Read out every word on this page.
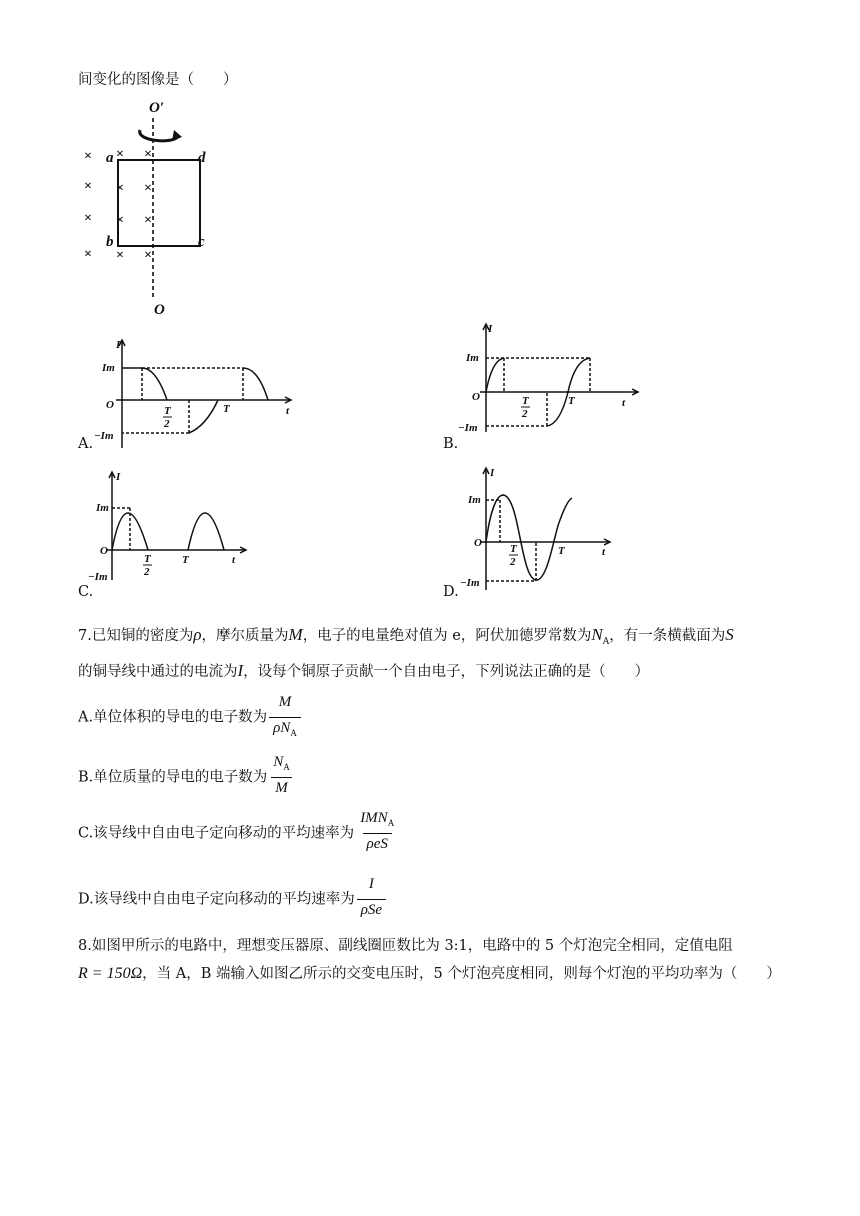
间变化的图像是（　　）
O′
O
a
b	c
d
× × ×
× × ×
× × ×
× × ×
I
Im
−Im
O	t
T
T
2
A.
I
Im
−Im
O	t
T
T
2
B.
I
Im
−Im
O
t
T
T
2
C.
I
Im
−Im
O
t
T
T
2
D.
7.已知铜的密度为ρ，摩尔质量为M，电子的电量绝对值为 e，阿伏加德罗常数为$N_A$，有一条横截面为S
的铜导线中通过的电流为I，设每个铜原子贡献一个自由电子，下列说法正确的是（　　）
A.单位体积的导电的电子数为 $\frac{M}{\rho N_A}$
B.单位质量的导电的电子数为 $\frac{N_A}{M}$
C.该导线中自由电子定向移动的平均速率为 $\frac{IMN_A}{\text{ρeS}}$
D.该导线中自由电子定向移动的平均速率为 $\frac{I}{\text{ρSe}}$
8.如图甲所示的电路中，理想变压器原、副线圈匝数比为 3:1，电路中的 5 个灯泡完全相同，定值电阻
R = 150Ω，当 A，B 端输入如图乙所示的交变电压时，5 个灯泡亮度相同，则每个灯泡的平均功率为（　　）
